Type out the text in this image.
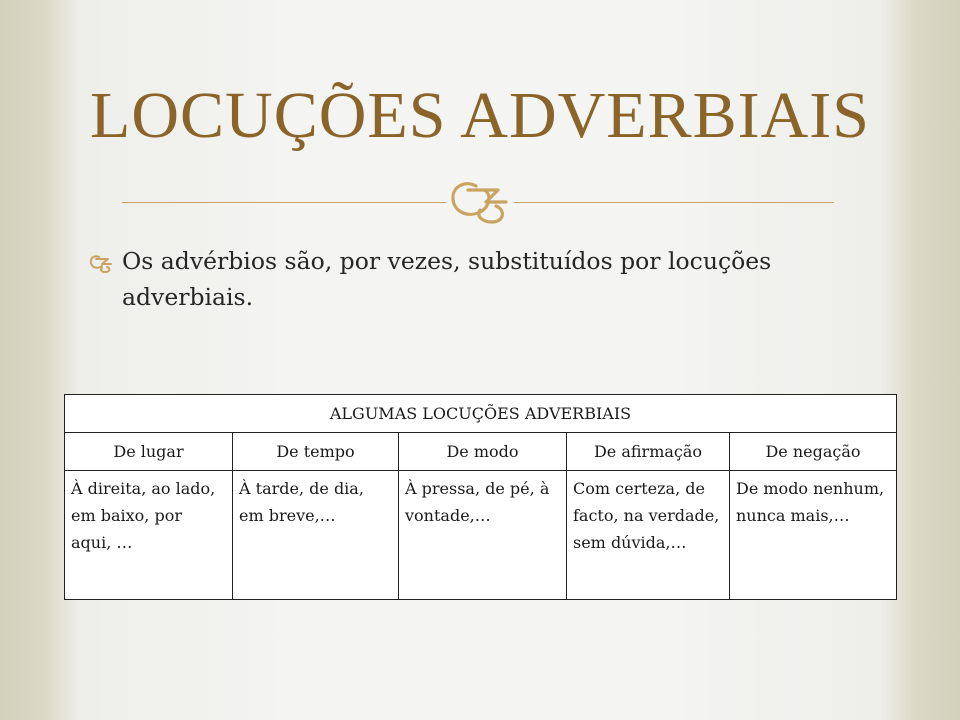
LOCUÇÕES ADVERBIAIS
Os advérbios são, por vezes, substituídos por locuções adverbiais.
ALGUMAS LOCUÇÕES ADVERBIAIS				
De lugar	De tempo	De modo	De afirmação	De negação
À direita, ao lado, em baixo, por aqui, …	À tarde, de dia, em breve,…	À pressa, de pé, à vontade,…	Com certeza, de facto, na verdade, sem dúvida,…	De modo nenhum, nunca mais,…
